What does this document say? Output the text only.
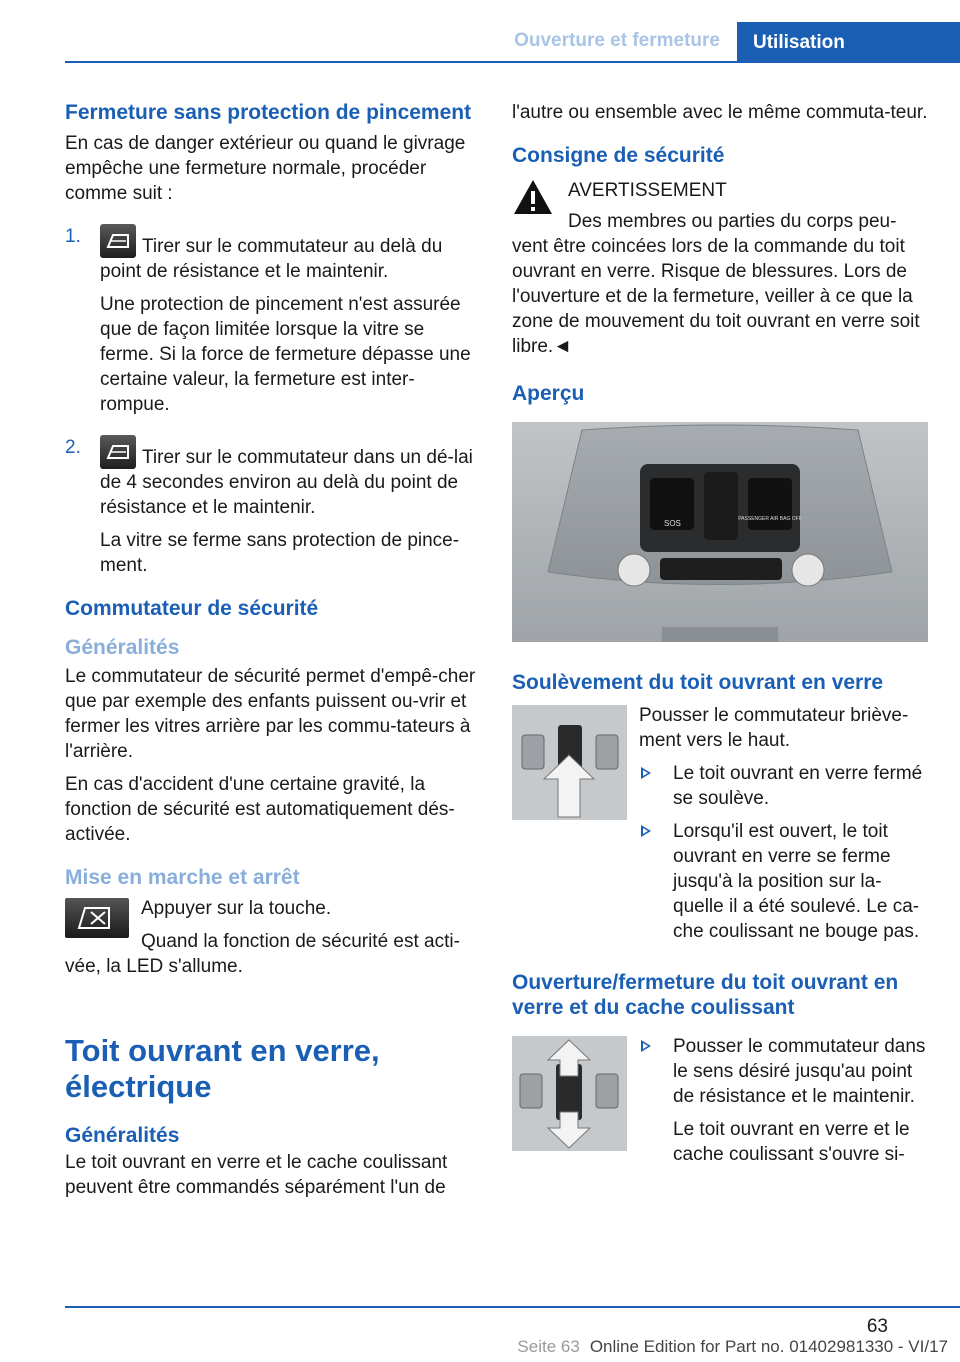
Ouverture et fermeture	Utilisation
Fermeture sans protection de pincement

En cas de danger extérieur ou quand le givrage empêche une fermeture normale, procéder comme suit :

1.	Tirer sur le commutateur au delà du point de résistance et le maintenir.

Une protection de pincement n'est assurée que de façon limitée lorsque la vitre se ferme. Si la force de fermeture dépasse une certaine valeur, la fermeture est inter-rompue.

2.	Tirer sur le commutateur dans un dé-lai de 4 secondes environ au delà du point de résistance et le maintenir.

La vitre se ferme sans protection de pince-ment.

Commutateur de sécurité
Généralités

Le commutateur de sécurité permet d'empê-cher que par exemple des enfants puissent ou-vrir et fermer les vitres arrière par les commu-tateurs à l'arrière.

En cas d'accident d'une certaine gravité, la fonction de sécurité est automatiquement dés-activée.

Mise en marche et arrêt

Appuyer sur la touche.

Quand la fonction de sécurité est acti-vée, la LED s'allume.

Toit ouvrant en verre, électrique
Généralités

Le toit ouvrant en verre et le cache coulissant peuvent être commandés séparément l'un de

l'autre ou ensemble avec le même commuta-teur.

Consigne de sécurité

AVERTISSEMENT

Des membres ou parties du corps peu-vent être coincées lors de la commande du toit ouvrant en verre. Risque de blessures. Lors de l'ouverture et de la fermeture, veiller à ce que la zone de mouvement du toit ouvrant en verre soit libre.◄

Aperçu
SOS	PASSENGER AIR BAG OFF
Soulèvement du toit ouvrant en verre

Pousser le commutateur briève-ment vers le haut.

Le toit ouvrant en verre fermé se soulève.

Lorsqu'il est ouvert, le toit ouvrant en verre se ferme jusqu'à la position sur la-quelle il a été soulevé. Le ca-che coulissant ne bouge pas.

Ouverture/fermeture du toit ouvrant en verre et du cache coulissant

Pousser le commutateur dans le sens désiré jusqu'au point de résistance et le maintenir.

Le toit ouvrant en verre et le cache coulissant s'ouvre si-

63
Seite 63 Online Edition for Part no. 01402981330 - VI/17
